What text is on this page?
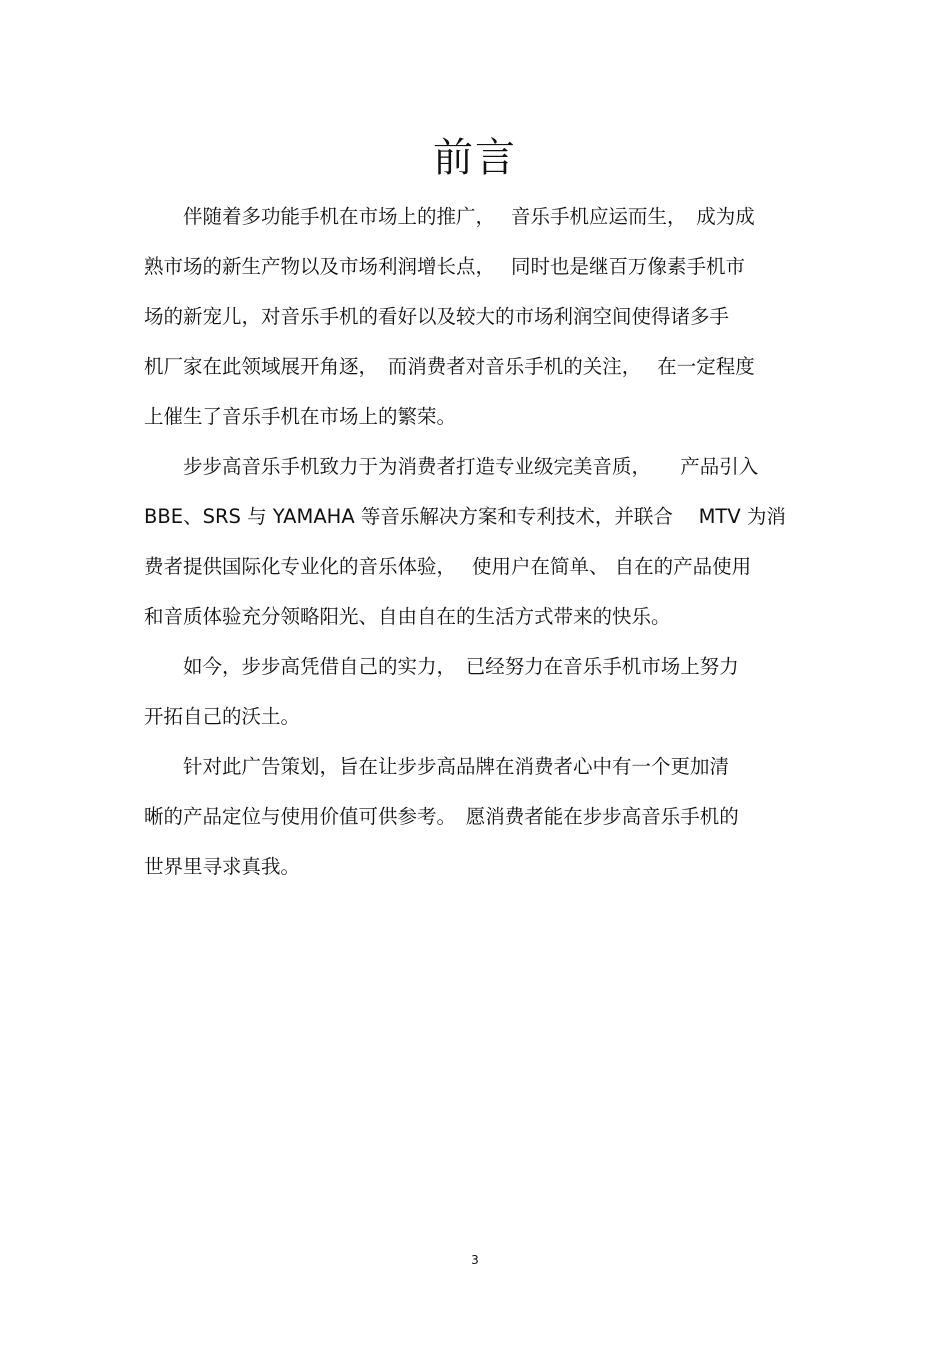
前言

　　伴随着多功能手机在市场上的推广，　 音乐手机应运而生，　成为成

熟市场的新生产物以及市场利润增长点，　 同时也是继百万像素手机市

场的新宠儿，对音乐手机的看好以及较大的市场利润空间使得诸多手

机厂家在此领域展开角逐，　而消费者对音乐手机的关注，　 在一定程度

上催生了音乐手机在市场上的繁荣。

　　步步高音乐手机致力于为消费者打造专业级完美音质，　　产品引入

BBE、SRS 与 YAMAHA 等音乐解决方案和专利技术，并联合　 MTV 为消

费者提供国际化专业化的音乐体验，　 使用户在简单、 自在的产品使用

和音质体验充分领略阳光、自由自在的生活方式带来的快乐。

　　如今，步步高凭借自己的实力，　已经努力在音乐手机市场上努力

开拓自己的沃土。

　　针对此广告策划，旨在让步步高品牌在消费者心中有一个更加清

晰的产品定位与使用价值可供参考。　愿消费者能在步步高音乐手机的

世界里寻求真我。

3
